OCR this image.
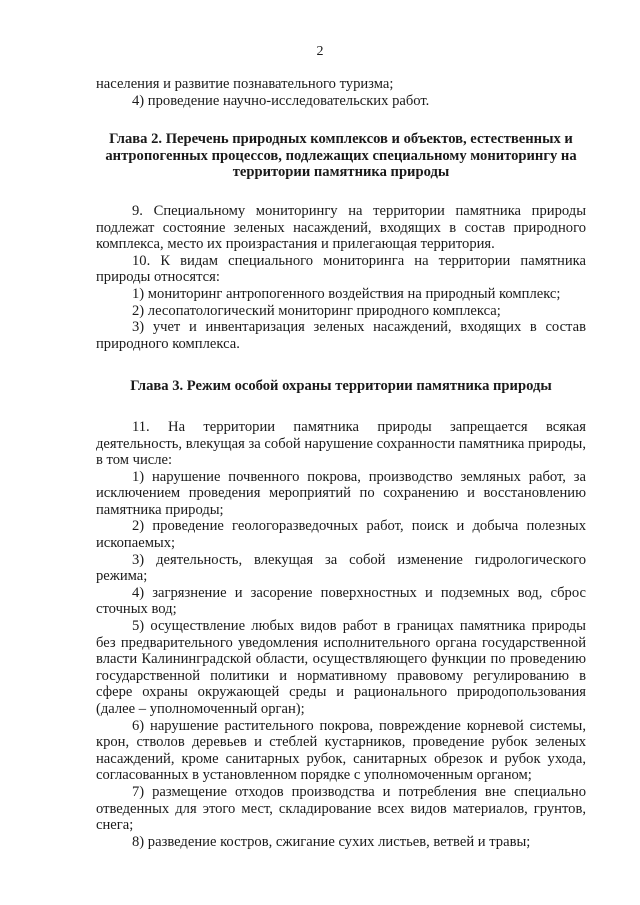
2

населения и развитие познавательного туризма;

4) проведение научно-исследовательских работ.

Глава 2. Перечень природных комплексов и объектов, естественных и антропогенных процессов, подлежащих специальному мониторингу на территории памятника природы

9. Специальному мониторингу на территории памятника природы подлежат состояние зеленых насаждений, входящих в состав природного комплекса, место их произрастания и прилегающая территория.

10. К видам специального мониторинга на территории памятника природы относятся:

1) мониторинг антропогенного воздействия на природный комплекс;

2) лесопатологический мониторинг природного комплекса;

3) учет и инвентаризация зеленых насаждений, входящих в состав природного комплекса.

Глава 3. Режим особой охраны территории памятника природы

11. На территории памятника природы запрещается всякая деятельность, влекущая за собой нарушение сохранности памятника природы, в том числе:

1) нарушение почвенного покрова, производство земляных работ, за исключением проведения мероприятий по сохранению и восстановлению памятника природы;

2) проведение геологоразведочных работ, поиск и добыча полезных ископаемых;

3) деятельность, влекущая за собой изменение гидрологического режима;

4) загрязнение и засорение поверхностных и подземных вод, сброс сточных вод;

5) осуществление любых видов работ в границах памятника природы без предварительного уведомления исполнительного органа государственной власти Калининградской области, осуществляющего функции по проведению государственной политики и нормативному правовому регулированию в сфере охраны окружающей среды и рационального природопользования (далее – уполномоченный орган);

6) нарушение растительного покрова, повреждение корневой системы, крон, стволов деревьев и стеблей кустарников, проведение рубок зеленых насаждений, кроме санитарных рубок, санитарных обрезок и рубок ухода, согласованных в установленном порядке с уполномоченным органом;

7) размещение отходов производства и потребления вне специально отведенных для этого мест, складирование всех видов материалов, грунтов, снега;

8) разведение костров, сжигание сухих листьев, ветвей и травы;
